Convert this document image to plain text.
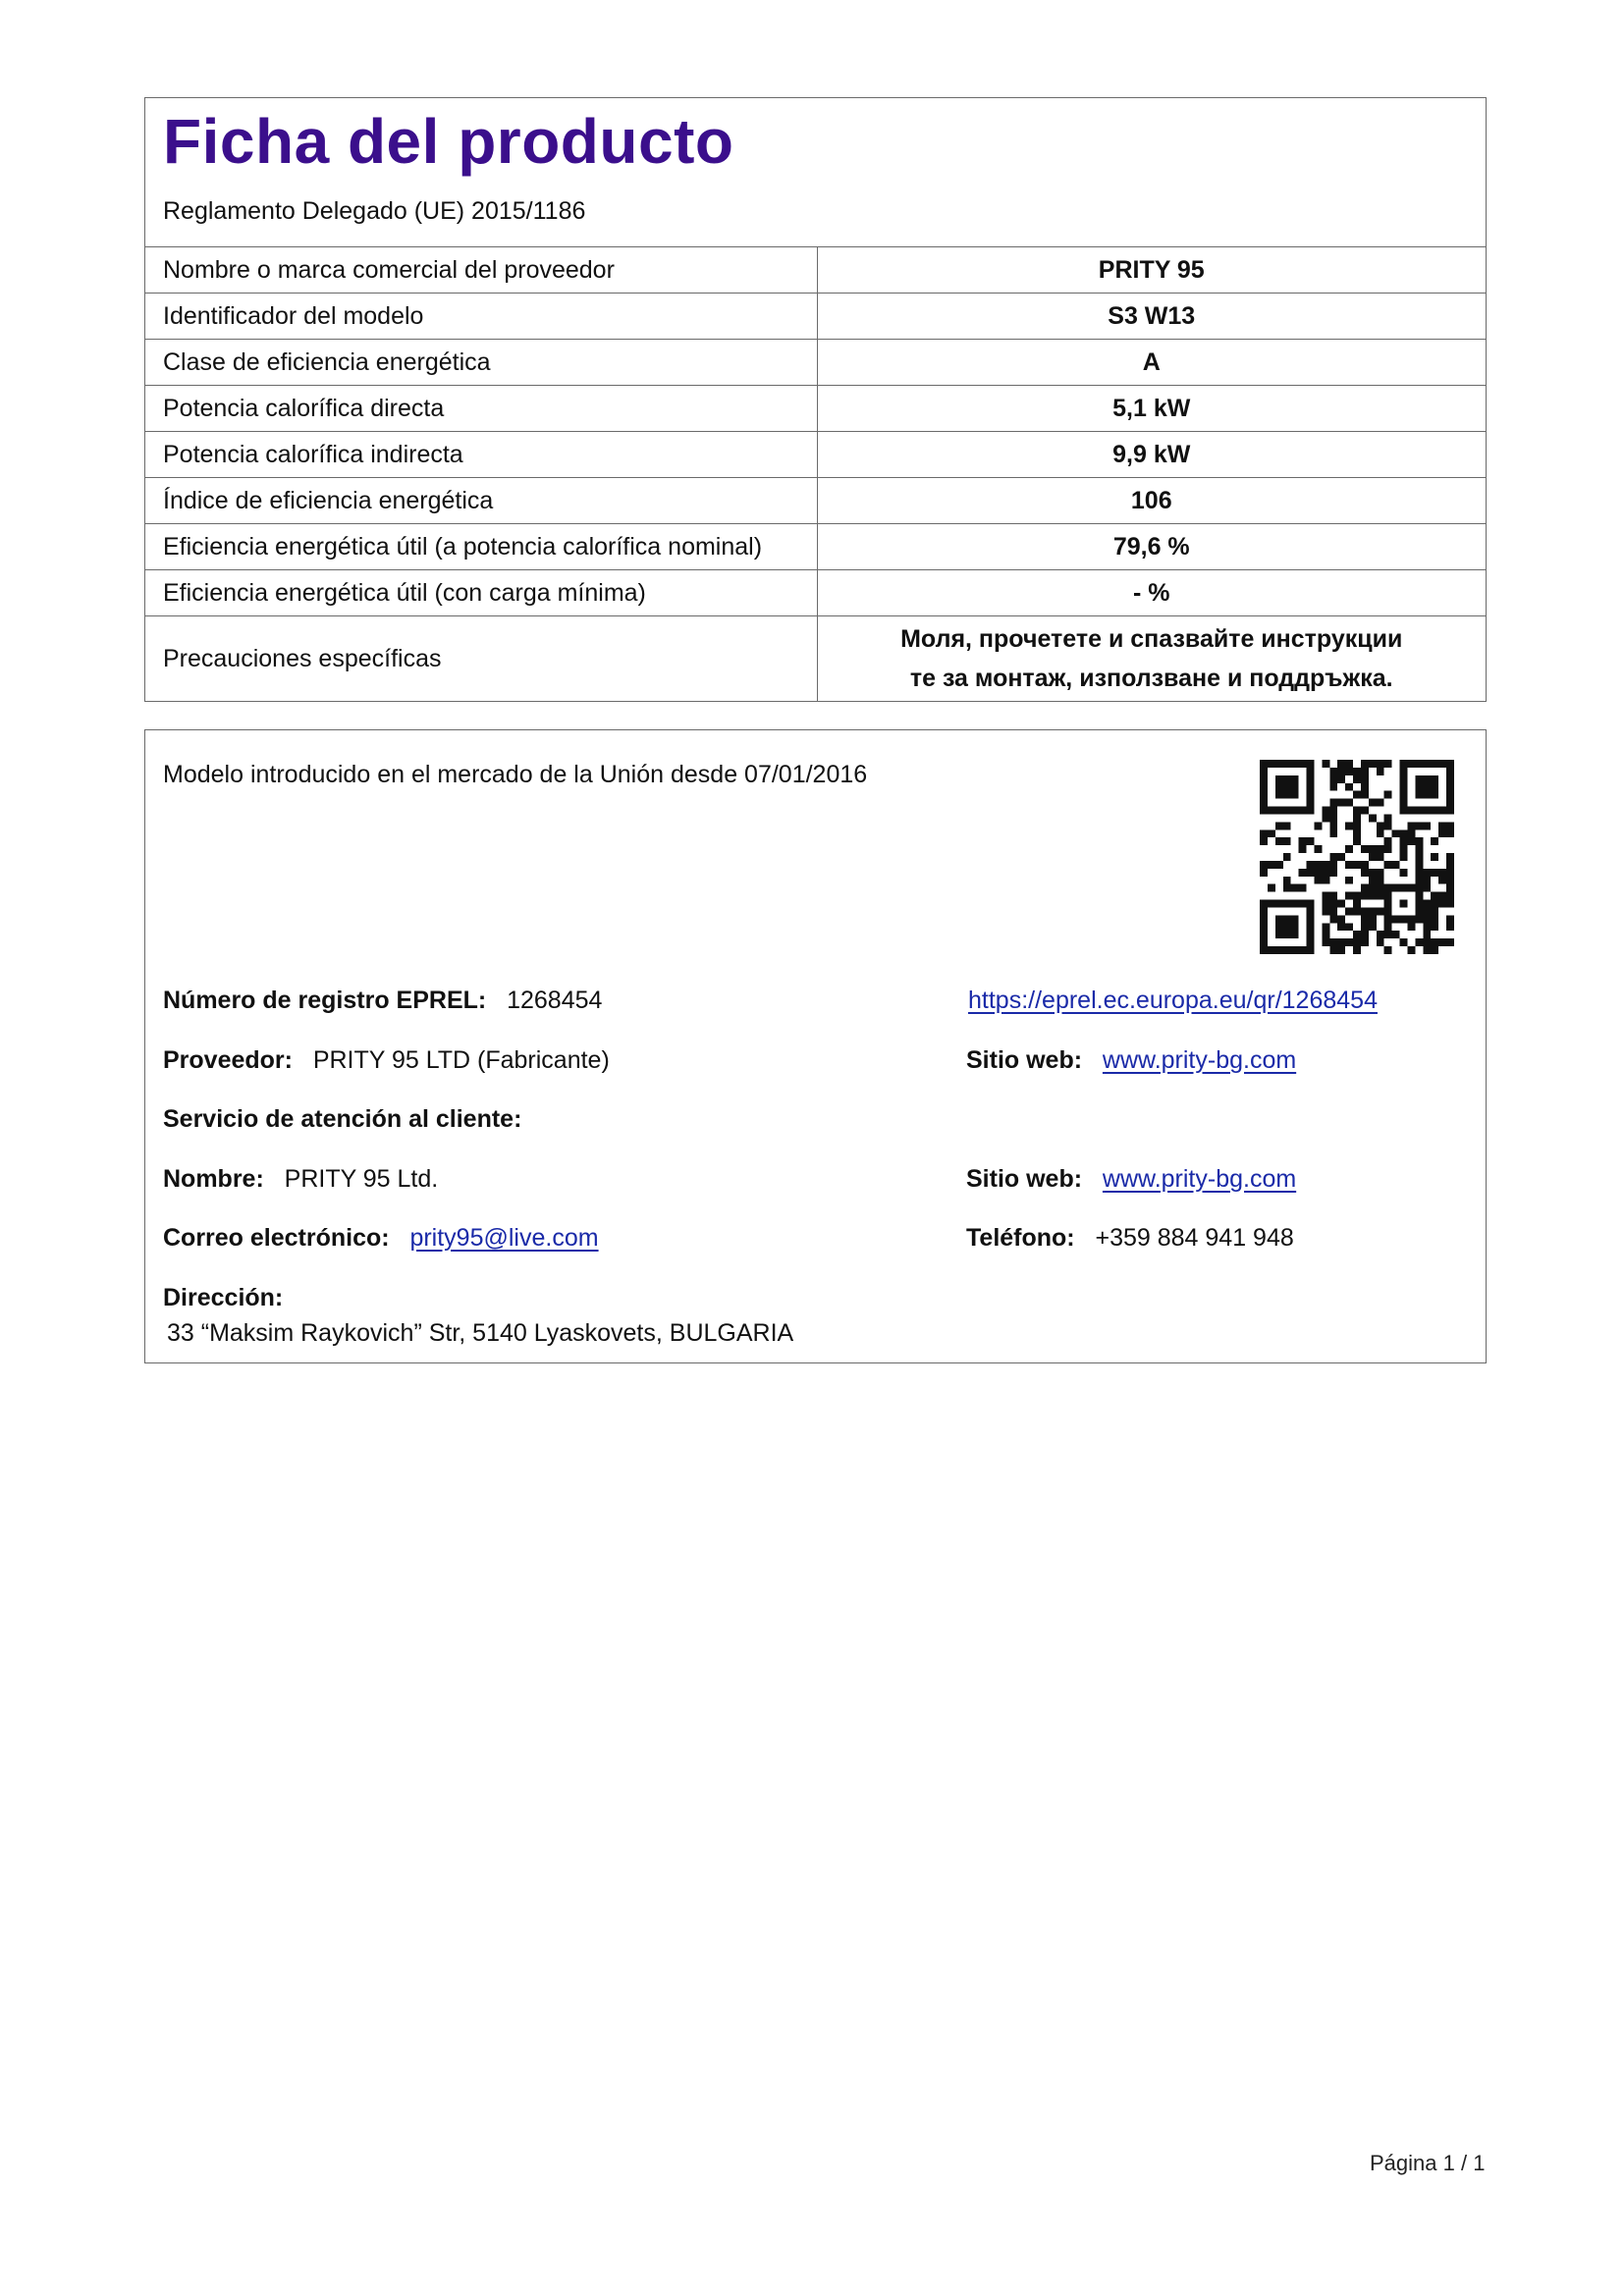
Ficha del producto
Reglamento Delegado (UE) 2015/1186
Nombre o marca comercial del proveedor	PRITY 95
Identificador del modelo	S3 W13
Clase de eficiencia energética	A
Potencia calorífica directa	5,1 kW
Potencia calorífica indirecta	9,9 kW
Índice de eficiencia energética	106
Eficiencia energética útil (a potencia calorífica nominal)	79,6 %
Eficiencia energética útil (con carga mínima)	- %
Precauciones específicas	Моля, прочетете и спазвайте инструкции
те за монтаж, използване и поддръжка.
Modelo introducido en el mercado de la Unión desde 07/01/2016
Número de registro EPREL: 1268454	https://eprel.ec.europa.eu/qr/1268454
Proveedor: PRITY 95 LTD (Fabricante)	Sitio web: www.prity-bg.com
Servicio de atención al cliente:
Nombre: PRITY 95 Ltd.	Sitio web: www.prity-bg.com
Correo electrónico: prity95@live.com	Teléfono: +359 884 941 948
Dirección:
33 “Maksim Raykovich” Str, 5140 Lyaskovets, BULGARIA
Página 1 / 1
